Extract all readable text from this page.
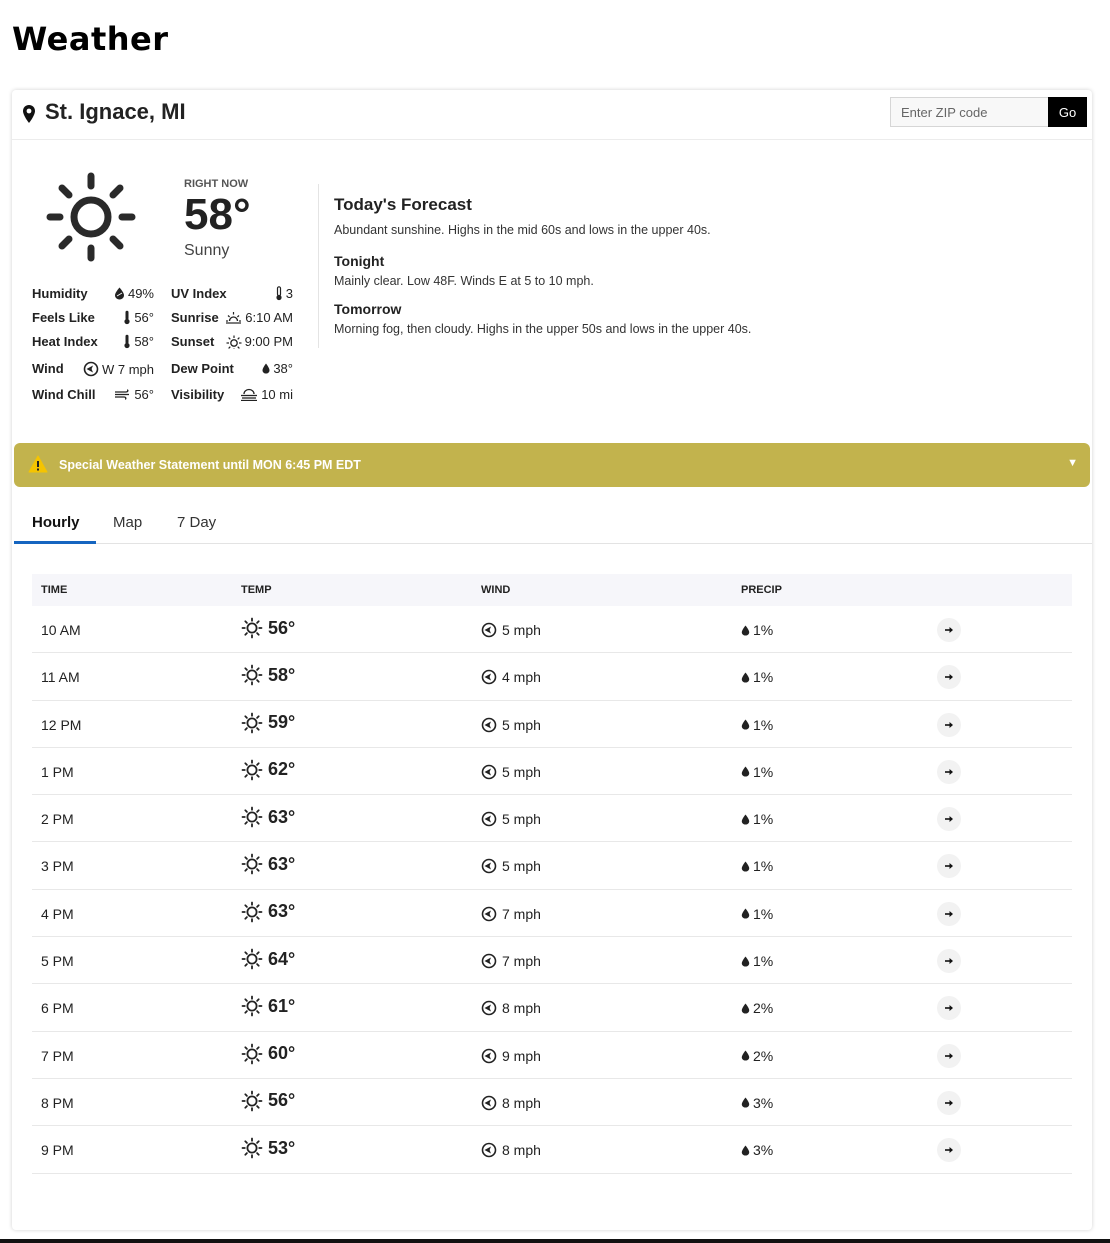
Weather
St. Ignace, MI
Enter ZIP code	Go
RIGHT NOW
58°
Sunny
Humidity	49% UV Index	3
Feels Like	56° Sunrise 6:10 AM
Heat Index	58° Sunset 9:00 PM
Wind	W 7 mph Dew Point	38°
Wind Chill	56° Visibility	10 mi
Today's Forecast
Abundant sunshine. Highs in the mid 60s and lows in the upper 40s.
Tonight
Mainly clear. Low 48F. Winds E at 5 to 10 mph.
Tomorrow
Morning fog, then cloudy. Highs in the upper 50s and lows in the upper 40s.
Special Weather Statement until MON 6:45 PM EDT	▼
Hourly Map 7 Day
TIME	TEMP	WIND	PRECIP
10 AM	56°	5 mph	1%
11 AM	58°	4 mph	1%
12 PM	59°	5 mph	1%
1 PM	62°	5 mph	1%
2 PM	63°	5 mph	1%
3 PM	63°	5 mph	1%
4 PM	63°	7 mph	1%
5 PM	64°	7 mph	1%
6 PM	61°	8 mph	2%
7 PM	60°	9 mph	2%
8 PM	56°	8 mph	3%
9 PM	53°	8 mph	3%
